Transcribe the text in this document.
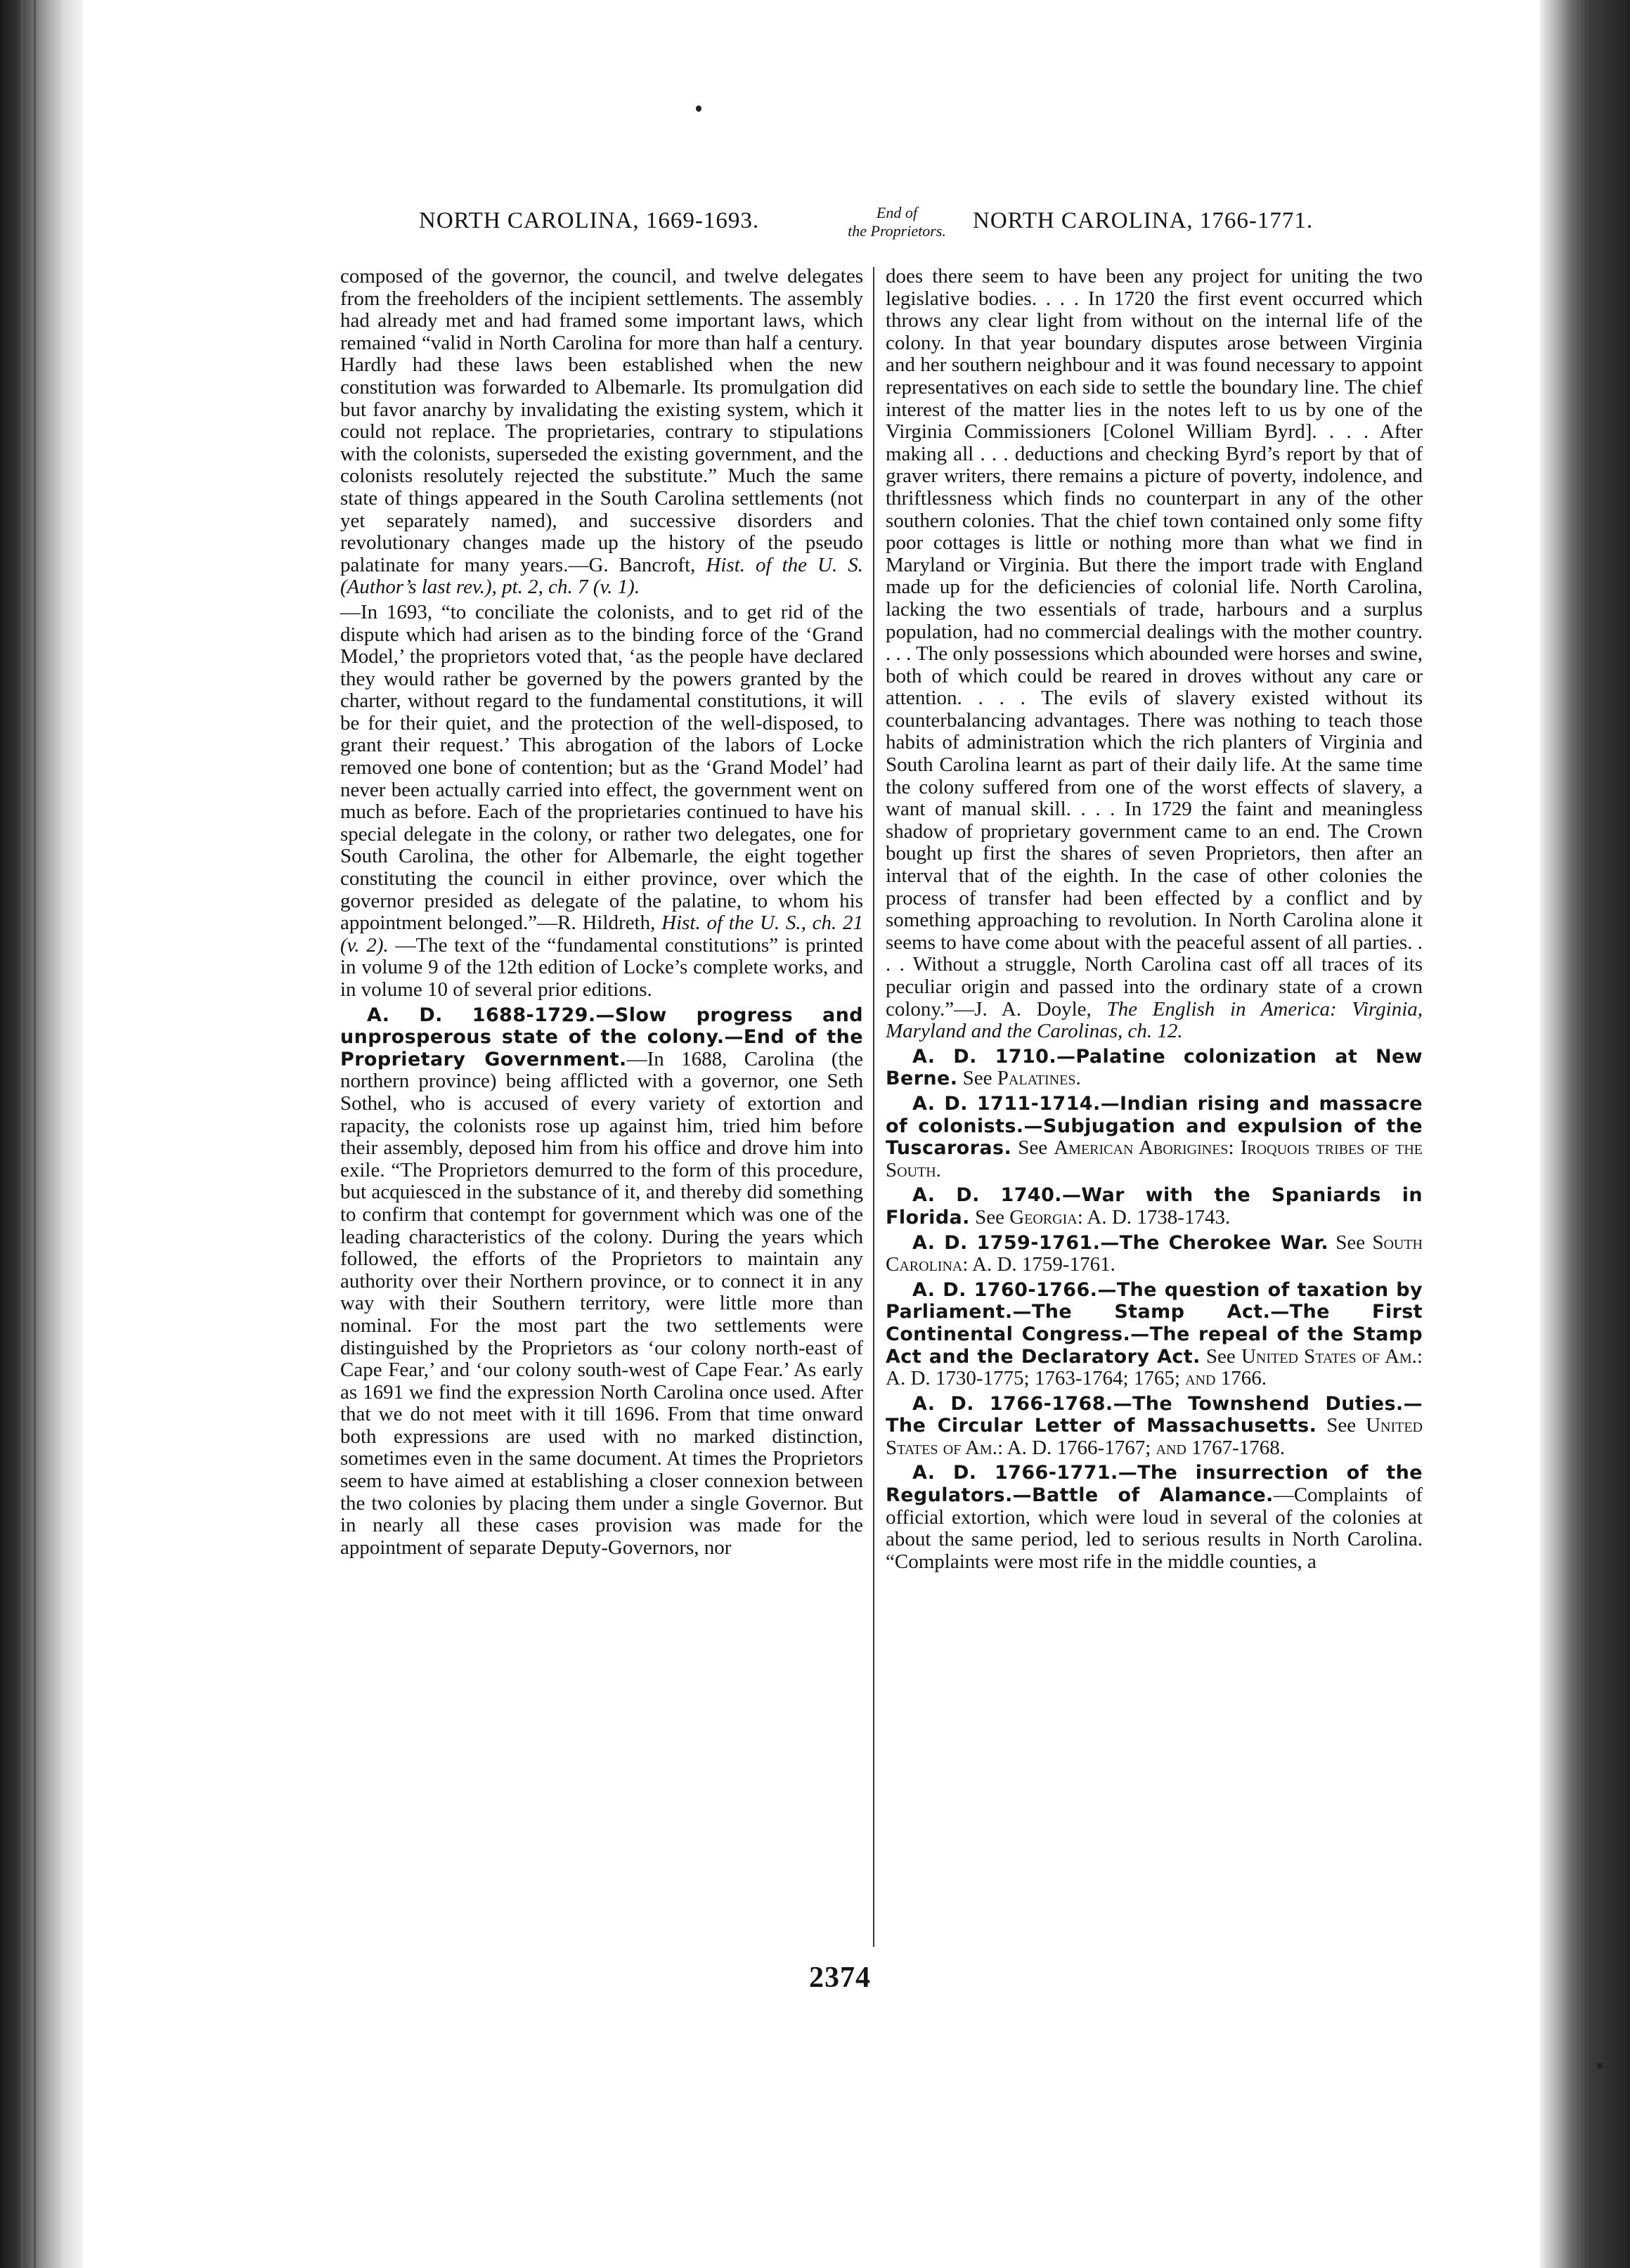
NORTH CAROLINA, 1669-1693.	End of
the Proprietors.	NORTH CAROLINA, 1766-1771.

composed of the governor, the council, and twelve delegates from the freeholders of the incipient settlements. The assembly had already met and had framed some important laws, which remained “valid in North Carolina for more than half a century. Hardly had these laws been established when the new constitution was forwarded to Albemarle. Its promulgation did but favor anarchy by invalidating the existing system, which it could not replace. The proprietaries, contrary to stipulations with the colonists, superseded the existing government, and the colonists resolutely rejected the substitute.” Much the same state of things appeared in the South Carolina settlements (not yet separately named), and successive disorders and revolutionary changes made up the history of the pseudo palatinate for many years.—G. Bancroft, Hist. of the U. S. (Author’s last rev.), pt. 2, ch. 7 (v. 1).

—In 1693, “to conciliate the colonists, and to get rid of the dispute which had arisen as to the binding force of the ‘Grand Model,’ the proprietors voted that, ‘as the people have declared they would rather be governed by the powers granted by the charter, without regard to the fundamental constitutions, it will be for their quiet, and the protection of the well-disposed, to grant their request.’ This abrogation of the labors of Locke removed one bone of contention; but as the ‘Grand Model’ had never been actually carried into effect, the government went on much as before. Each of the proprietaries continued to have his special delegate in the colony, or rather two delegates, one for South Carolina, the other for Albemarle, the eight together constituting the council in either province, over which the governor presided as delegate of the palatine, to whom his appointment belonged.”—R. Hildreth, Hist. of the U. S., ch. 21 (v. 2). —The text of the “fundamental constitutions” is printed in volume 9 of the 12th edition of Locke’s complete works, and in volume 10 of several prior editions.

A. D. 1688-1729.—Slow progress and unprosperous state of the colony.—End of the Proprietary Government.—In 1688, Carolina (the northern province) being afflicted with a governor, one Seth Sothel, who is accused of every variety of extortion and rapacity, the colonists rose up against him, tried him before their assembly, deposed him from his office and drove him into exile. “The Proprietors demurred to the form of this procedure, but acquiesced in the substance of it, and thereby did something to confirm that contempt for government which was one of the leading characteristics of the colony. During the years which followed, the efforts of the Proprietors to maintain any authority over their Northern province, or to connect it in any way with their Southern territory, were little more than nominal. For the most part the two settlements were distinguished by the Proprietors as ‘our colony north-east of Cape Fear,’ and ‘our colony south-west of Cape Fear.’ As early as 1691 we find the expression North Carolina once used. After that we do not meet with it till 1696. From that time onward both expressions are used with no marked distinction, sometimes even in the same document. At times the Proprietors seem to have aimed at establishing a closer connexion between the two colonies by placing them under a single Governor. But in nearly all these cases provision was made for the appointment of separate Deputy-Governors, nor

does there seem to have been any project for uniting the two legislative bodies. . . . In 1720 the first event occurred which throws any clear light from without on the internal life of the colony. In that year boundary disputes arose between Virginia and her southern neighbour and it was found necessary to appoint representatives on each side to settle the boundary line. The chief interest of the matter lies in the notes left to us by one of the Virginia Commissioners [Colonel William Byrd]. . . . After making all . . . deductions and checking Byrd’s report by that of graver writers, there remains a picture of poverty, indolence, and thriftlessness which finds no counterpart in any of the other southern colonies. That the chief town contained only some fifty poor cottages is little or nothing more than what we find in Maryland or Virginia. But there the import trade with England made up for the deficiencies of colonial life. North Carolina, lacking the two essentials of trade, harbours and a surplus population, had no commercial dealings with the mother country. . . . The only possessions which abounded were horses and swine, both of which could be reared in droves without any care or attention. . . . The evils of slavery existed without its counterbalancing advantages. There was nothing to teach those habits of administration which the rich planters of Virginia and South Carolina learnt as part of their daily life. At the same time the colony suffered from one of the worst effects of slavery, a want of manual skill. . . . In 1729 the faint and meaningless shadow of proprietary government came to an end. The Crown bought up first the shares of seven Proprietors, then after an interval that of the eighth. In the case of other colonies the process of transfer had been effected by a conflict and by something approaching to revolution. In North Carolina alone it seems to have come about with the peaceful assent of all parties. . . . Without a struggle, North Carolina cast off all traces of its peculiar origin and passed into the ordinary state of a crown colony.”—J. A. Doyle, The English in America: Virginia, Maryland and the Carolinas, ch. 12.

A. D. 1710.—Palatine colonization at New Berne. See Palatines.

A. D. 1711-1714.—Indian rising and massacre of colonists.—Subjugation and expulsion of the Tuscaroras. See American Aborigines: Iroquois tribes of the South.

A. D. 1740.—War with the Spaniards in Florida. See Georgia: A. D. 1738-1743.

A. D. 1759-1761.—The Cherokee War. See South Carolina: A. D. 1759-1761.

A. D. 1760-1766.—The question of taxation by Parliament.—The Stamp Act.—The First Continental Congress.—The repeal of the Stamp Act and the Declaratory Act. See United States of Am.: A. D. 1730-1775; 1763-1764; 1765; and 1766.

A. D. 1766-1768.—The Townshend Duties.—The Circular Letter of Massachusetts. See United States of Am.: A. D. 1766-1767; and 1767-1768.

A. D. 1766-1771.—The insurrection of the Regulators.—Battle of Alamance.—Complaints of official extortion, which were loud in several of the colonies at about the same period, led to serious results in North Carolina. “Complaints were most rife in the middle counties, a

2374
